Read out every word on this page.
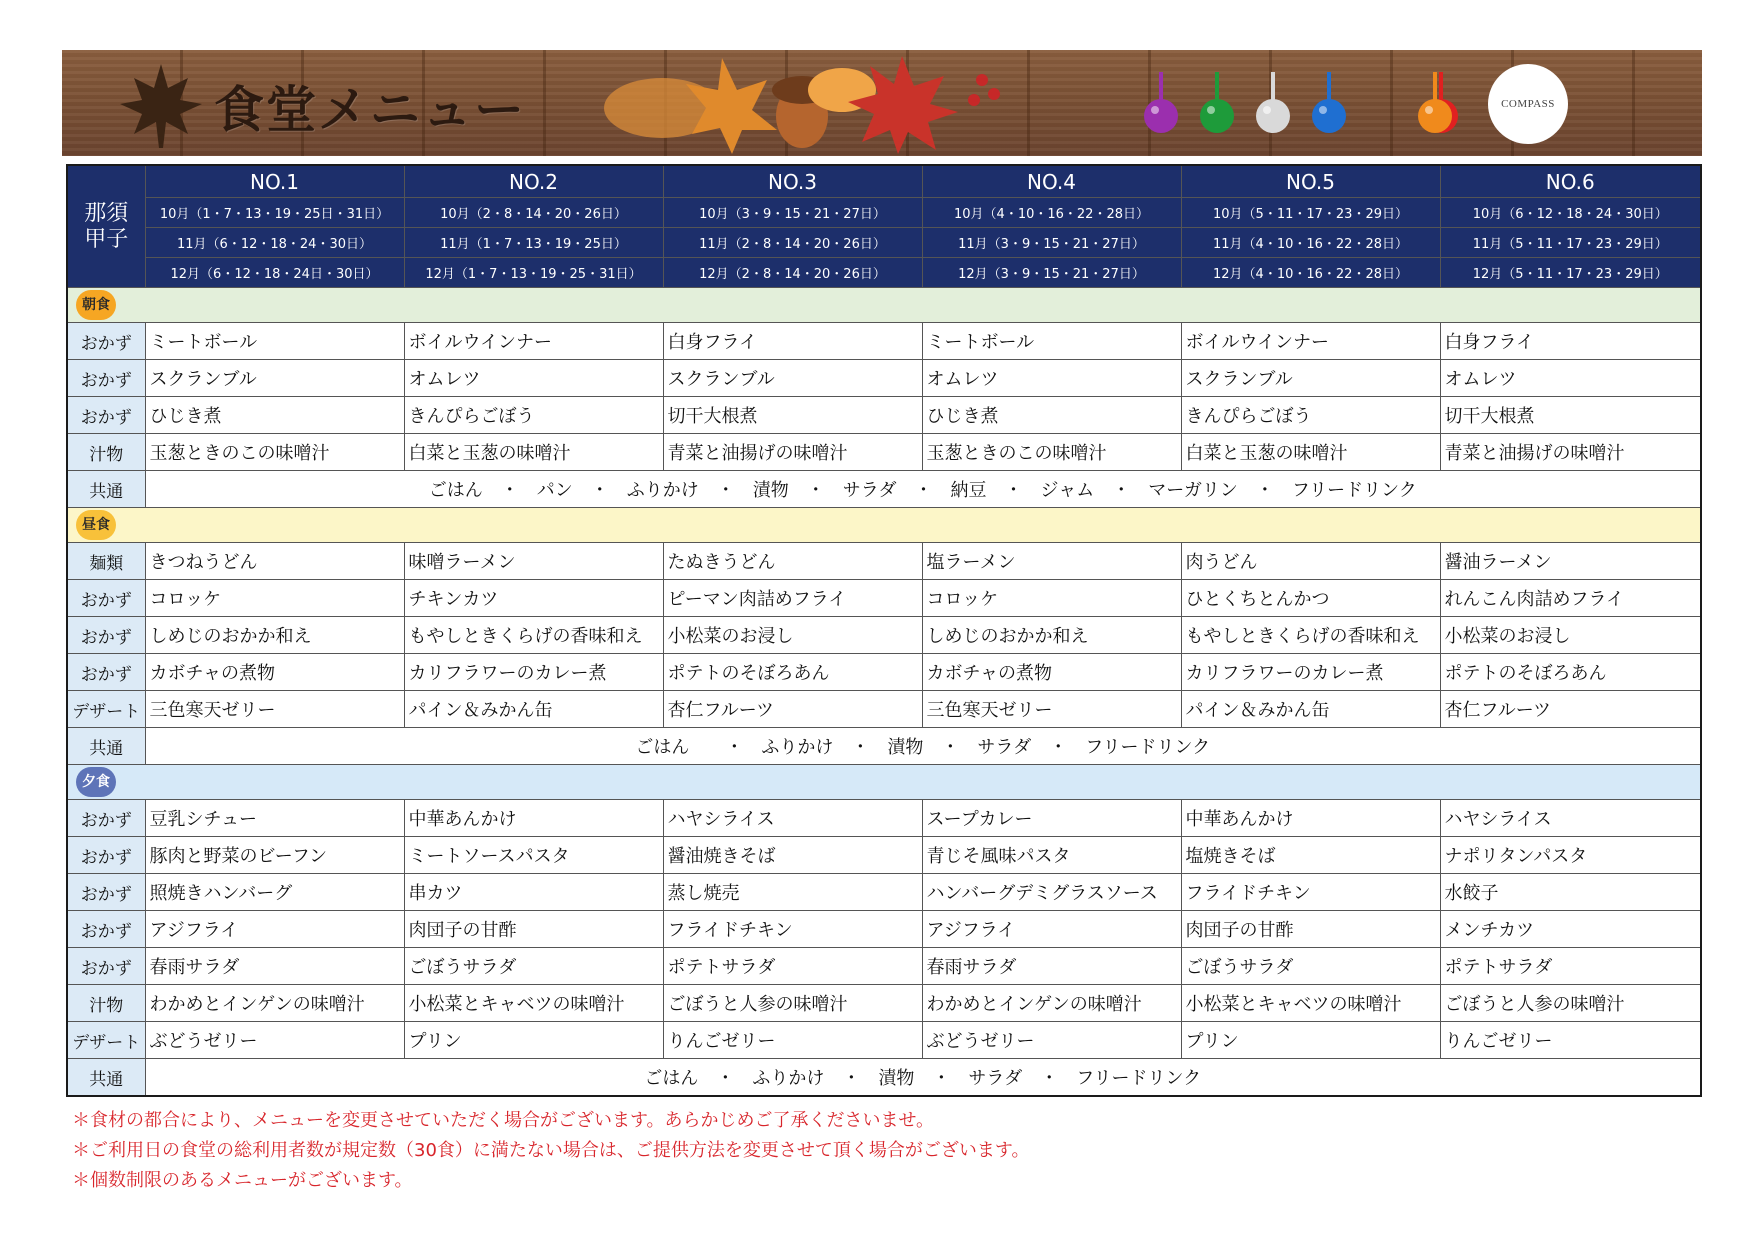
食堂メニュー	COMPASS
那須
甲子	NO.1	NO.2	NO.3	NO.4	NO.5	NO.6
	10月（1・7・13・19・25日・31日）	10月（2・8・14・20・26日）	10月（3・9・15・21・27日）	10月（4・10・16・22・28日）	10月（5・11・17・23・29日）	10月（6・12・18・24・30日）
	11月（6・12・18・24・30日）	11月（1・7・13・19・25日）	11月（2・8・14・20・26日）	11月（3・9・15・21・27日）	11月（4・10・16・22・28日）	11月（5・11・17・23・29日）
	12月（6・12・18・24日・30日）	12月（1・7・13・19・25・31日）	12月（2・8・14・20・26日）	12月（3・9・15・21・27日）	12月（4・10・16・22・28日）	12月（5・11・17・23・29日）
朝食						
おかず	ミートボール	ボイルウインナー	白身フライ	ミートボール	ボイルウインナー	白身フライ
おかず	スクランブル	オムレツ	スクランブル	オムレツ	スクランブル	オムレツ
おかず	ひじき煮	きんぴらごぼう	切干大根煮	ひじき煮	きんぴらごぼう	切干大根煮
汁物	玉葱ときのこの味噌汁	白菜と玉葱の味噌汁	青菜と油揚げの味噌汁	玉葱ときのこの味噌汁	白菜と玉葱の味噌汁	青菜と油揚げの味噌汁
共通	ごはん　・　パン　・　ふりかけ　・　漬物　・　サラダ　・　納豆　・　ジャム　・　マーガリン　・　フリードリンク					
昼食						
麺類	きつねうどん	味噌ラーメン	たぬきうどん	塩ラーメン	肉うどん	醤油ラーメン
おかず	コロッケ	チキンカツ	ピーマン肉詰めフライ	コロッケ	ひとくちとんかつ	れんこん肉詰めフライ
おかず	しめじのおかか和え	もやしときくらげの香味和え	小松菜のお浸し	しめじのおかか和え	もやしときくらげの香味和え	小松菜のお浸し
おかず	カボチャの煮物	カリフラワーのカレー煮	ポテトのそぼろあん	カボチャの煮物	カリフラワーのカレー煮	ポテトのそぼろあん
デザート	三色寒天ゼリー	パイン＆みかん缶	杏仁フルーツ	三色寒天ゼリー	パイン＆みかん缶	杏仁フルーツ
共通	ごはん　　・　ふりかけ　・　漬物　・　サラダ　・　フリードリンク					
夕食						
おかず	豆乳シチュー	中華あんかけ	ハヤシライス	スープカレー	中華あんかけ	ハヤシライス
おかず	豚肉と野菜のビーフン	ミートソースパスタ	醤油焼きそば	青じそ風味パスタ	塩焼きそば	ナポリタンパスタ
おかず	照焼きハンバーグ	串カツ	蒸し焼売	ハンバーグデミグラスソース	フライドチキン	水餃子
おかず	アジフライ	肉団子の甘酢	フライドチキン	アジフライ	肉団子の甘酢	メンチカツ
おかず	春雨サラダ	ごぼうサラダ	ポテトサラダ	春雨サラダ	ごぼうサラダ	ポテトサラダ
汁物	わかめとインゲンの味噌汁	小松菜とキャベツの味噌汁	ごぼうと人参の味噌汁	わかめとインゲンの味噌汁	小松菜とキャベツの味噌汁	ごぼうと人参の味噌汁
デザート	ぶどうゼリー	プリン	りんごゼリー	ぶどうゼリー	プリン	りんごゼリー
共通	ごはん　・　ふりかけ　・　漬物　・　サラダ　・　フリードリンク					
＊食材の都合により、メニューを変更させていただく場合がございます。あらかじめご了承くださいませ。
＊ご利用日の食堂の総利用者数が規定数（30食）に満たない場合は、ご提供方法を変更させて頂く場合がございます。
＊個数制限のあるメニューがございます。
